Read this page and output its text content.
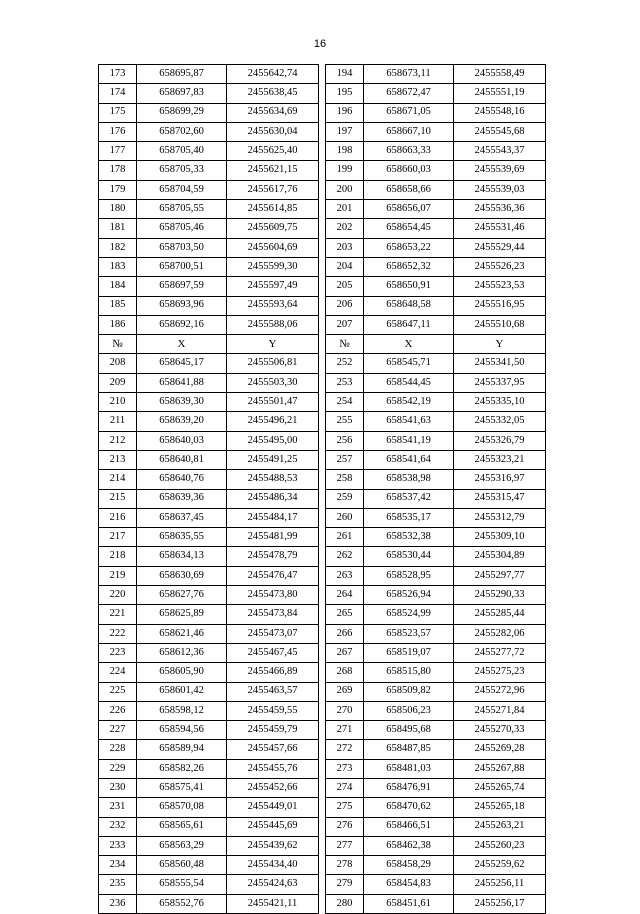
16
173	658695,87	2455642,74		194	658673,11	2455558,49
174	658697,83	2455638,45		195	658672,47	2455551,19
175	658699,29	2455634,69		196	658671,05	2455548,16
176	658702,60	2455630,04		197	658667,10	2455545,68
177	658705,40	2455625,40		198	658663,33	2455543,37
178	658705,33	2455621,15		199	658660,03	2455539,69
179	658704,59	2455617,76		200	658658,66	2455539,03
180	658705,55	2455614,85		201	658656,07	2455536,36
181	658705,46	2455609,75		202	658654,45	2455531,46
182	658703,50	2455604,69		203	658653,22	2455529,44
183	658700,51	2455599,30		204	658652,32	2455526,23
184	658697,59	2455597,49		205	658650,91	2455523,53
185	658693,96	2455593,64		206	658648,58	2455516,95
186	658692,16	2455588,06		207	658647,11	2455510,68
№	X	Y		№	X	Y
208	658645,17	2455506,81		252	658545,71	2455341,50
209	658641,88	2455503,30		253	658544,45	2455337,95
210	658639,30	2455501,47		254	658542,19	2455335,10
211	658639,20	2455496,21		255	658541,63	2455332,05
212	658640,03	2455495,00		256	658541,19	2455326,79
213	658640,81	2455491,25		257	658541,64	2455323,21
214	658640,76	2455488,53		258	658538,98	2455316,97
215	658639,36	2455486,34		259	658537,42	2455315,47
216	658637,45	2455484,17		260	658535,17	2455312,79
217	658635,55	2455481,99		261	658532,38	2455309,10
218	658634,13	2455478,79		262	658530,44	2455304,89
219	658630,69	2455476,47		263	658528,95	2455297,77
220	658627,76	2455473,80		264	658526,94	2455290,33
221	658625,89	2455473,84		265	658524,99	2455285,44
222	658621,46	2455473,07		266	658523,57	2455282,06
223	658612,36	2455467,45		267	658519,07	2455277,72
224	658605,90	2455466,89		268	658515,80	2455275,23
225	658601,42	2455463,57		269	658509,82	2455272,96
226	658598,12	2455459,55		270	658506,23	2455271,84
227	658594,56	2455459,79		271	658495,68	2455270,33
228	658589,94	2455457,66		272	658487,85	2455269,28
229	658582,26	2455455,76		273	658481,03	2455267,88
230	658575,41	2455452,66		274	658476,91	2455265,74
231	658570,08	2455449,01		275	658470,62	2455265,18
232	658565,61	2455445,69		276	658466,51	2455263,21
233	658563,29	2455439,62		277	658462,38	2455260,23
234	658560,48	2455434,40		278	658458,29	2455259,62
235	658555,54	2455424,63		279	658454,83	2455256,11
236	658552,76	2455421,11		280	658451,61	2455256,17
